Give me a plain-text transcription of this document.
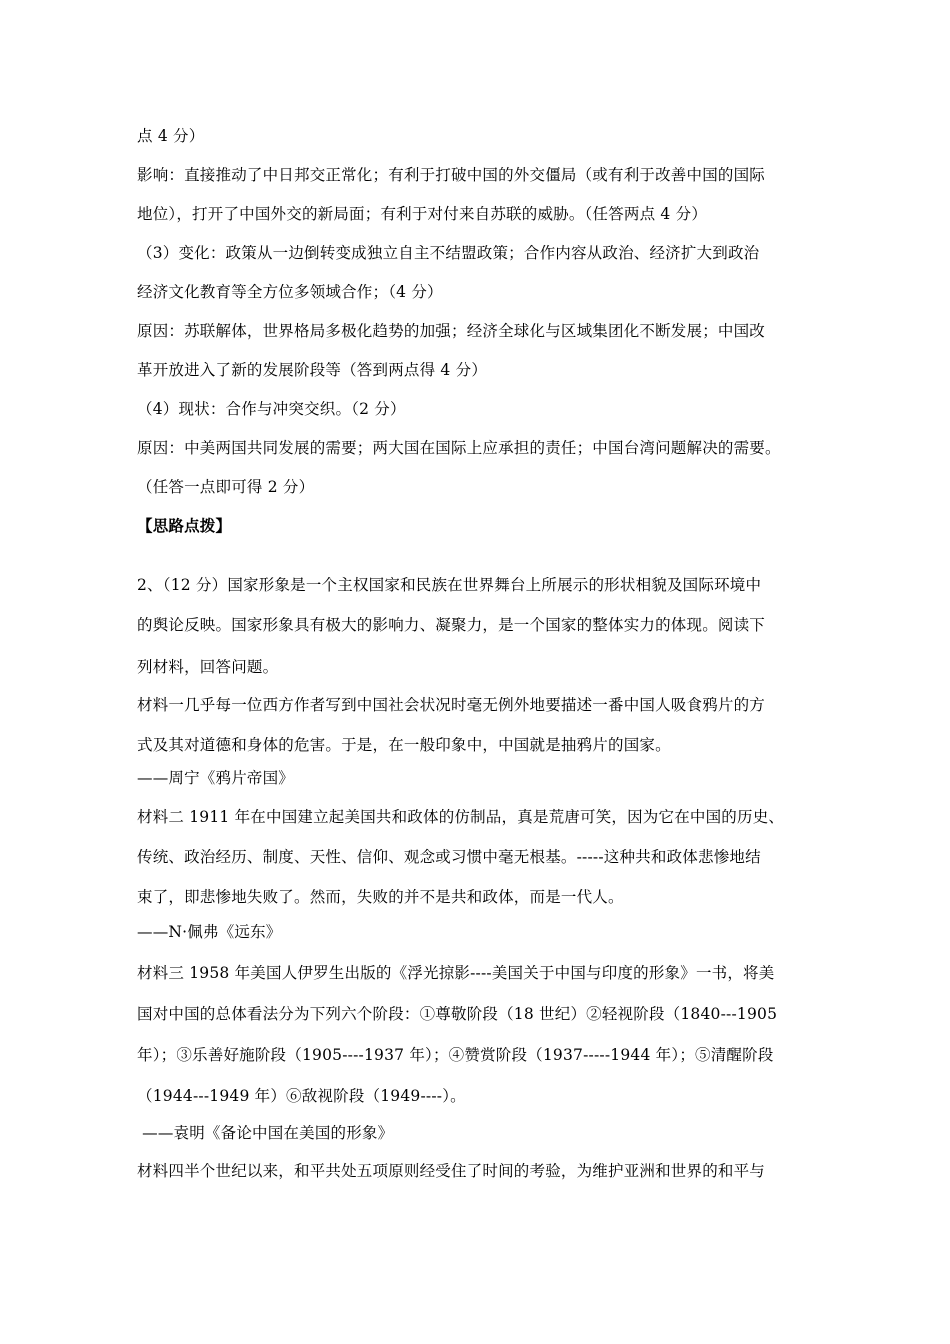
点 4 分）
影响：直接推动了中日邦交正常化；有利于打破中国的外交僵局（或有利于改善中国的国际
地位），打开了中国外交的新局面；有利于对付来自苏联的威胁。（任答两点 4 分）
（3）变化：政策从一边倒转变成独立自主不结盟政策；合作内容从政治、经济扩大到政治
经济文化教育等全方位多领域合作；（4 分）
原因：苏联解体，世界格局多极化趋势的加强；经济全球化与区域集团化不断发展；中国改
革开放进入了新的发展阶段等（答到两点得 4 分）
（4）现状：合作与冲突交织。（2 分）
原因：中美两国共同发展的需要；两大国在国际上应承担的责任；中国台湾问题解决的需要。
（任答一点即可得 2 分）
【思路点拨】
2、（12 分）国家形象是一个主权国家和民族在世界舞台上所展示的形状相貌及国际环境中
的舆论反映。国家形象具有极大的影响力、凝聚力，是一个国家的整体实力的体现。阅读下
列材料，回答问题。
材料一几乎每一位西方作者写到中国社会状况时毫无例外地要描述一番中国人吸食鸦片的方
式及其对道德和身体的危害。于是，在一般印象中，中国就是抽鸦片的国家。
——周宁《鸦片帝国》
材料二 1911 年在中国建立起美国共和政体的仿制品，真是荒唐可笑，因为它在中国的历史、
传统、政治经历、制度、天性、信仰、观念或习惯中毫无根基。-----这种共和政体悲惨地结
束了，即悲惨地失败了。然而，失败的并不是共和政体，而是一代人。
——N·佩弗《远东》
材料三 1958 年美国人伊罗生出版的《浮光掠影----美国关于中国与印度的形象》一书，将美
国对中国的总体看法分为下列六个阶段：①尊敬阶段（18 世纪）②轻视阶段（1840---1905
年）；③乐善好施阶段（1905----1937 年）；④赞赏阶段（1937-----1944 年）；⑤清醒阶段
（1944---1949 年）⑥敌视阶段（1949----）。
——袁明《备论中国在美国的形象》
材料四半个世纪以来，和平共处五项原则经受住了时间的考验，为维护亚洲和世界的和平与
